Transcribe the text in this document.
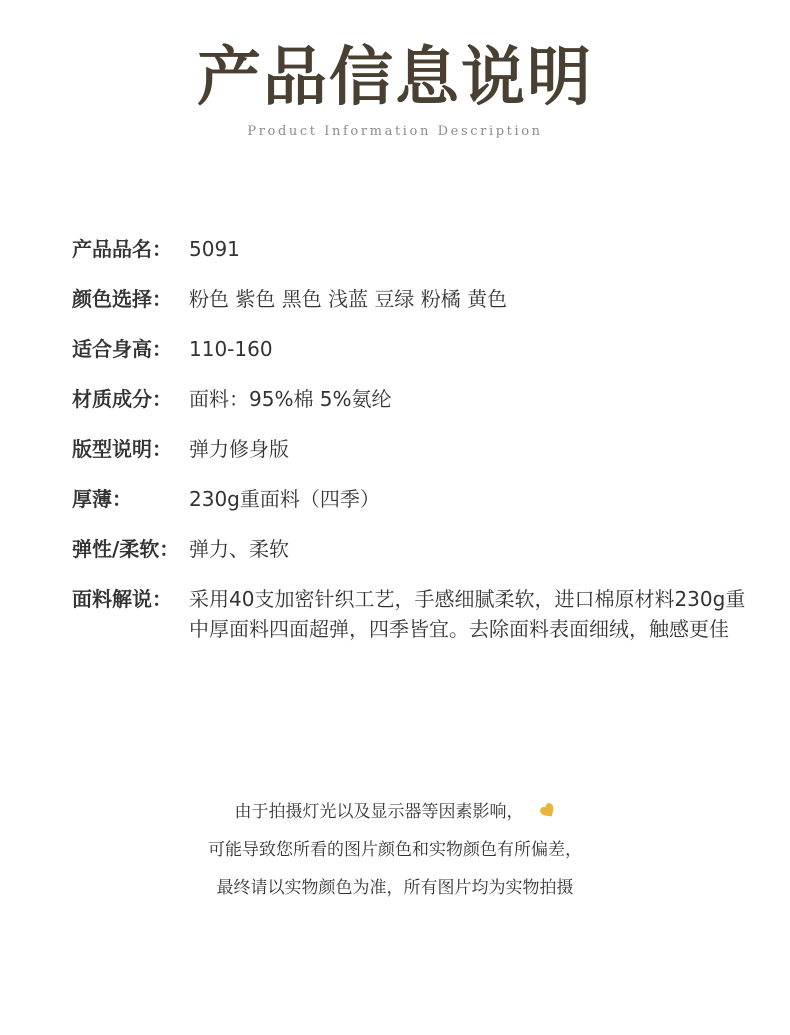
产品信息说明
Product Information Description
产品品名： 5091
颜色选择： 粉色 紫色 黑色 浅蓝 豆绿 粉橘 黄色
适合身高： 110-160
材质成分： 面料：95%棉 5%氨纶
版型说明： 弹力修身版
厚薄：	230g重面料（四季）
弹性/柔软： 弹力、柔软
面料解说： 采用40支加密针织工艺，手感细腻柔软，进口棉原材料230g重中厚面料四面超弹，四季皆宜。去除面料表面细绒，触感更佳
由于拍摄灯光以及显示器等因素影响，
可能导致您所看的图片颜色和实物颜色有所偏差，
最终请以实物颜色为准，所有图片均为实物拍摄
